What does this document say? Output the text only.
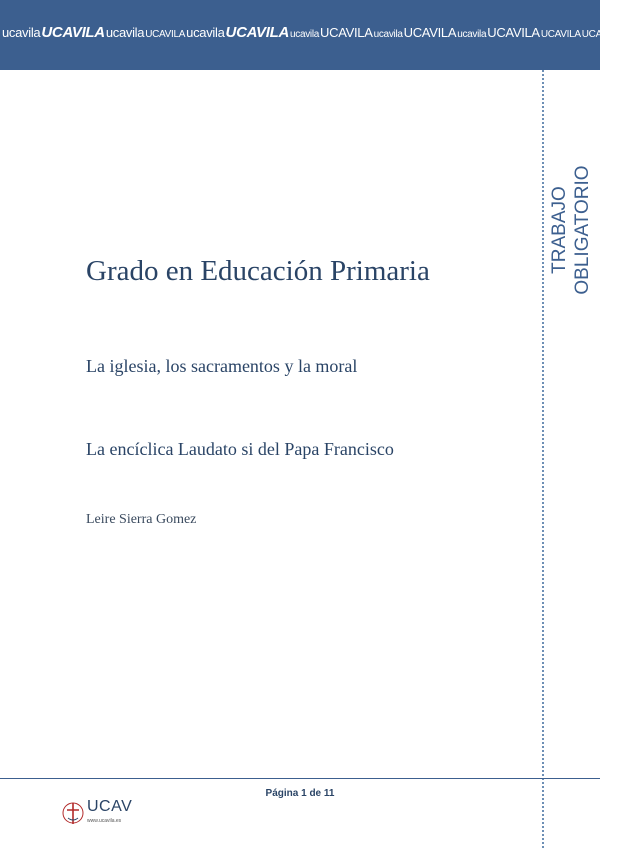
ucavilaUCAVILAucavilaUCAVILAucavilaUCAVILAucavilaUCAVILAucavilaUCAVILAucavilaUCAVILAUCAVILAUCAVILA
TRABAJO OBLIGATORIO
Grado en Educación Primaria
La iglesia, los sacramentos y la moral
La encíclica Laudato si del Papa Francisco
Leire Sierra Gomez
Página 1 de 11
UCAV
www.ucavila.es
